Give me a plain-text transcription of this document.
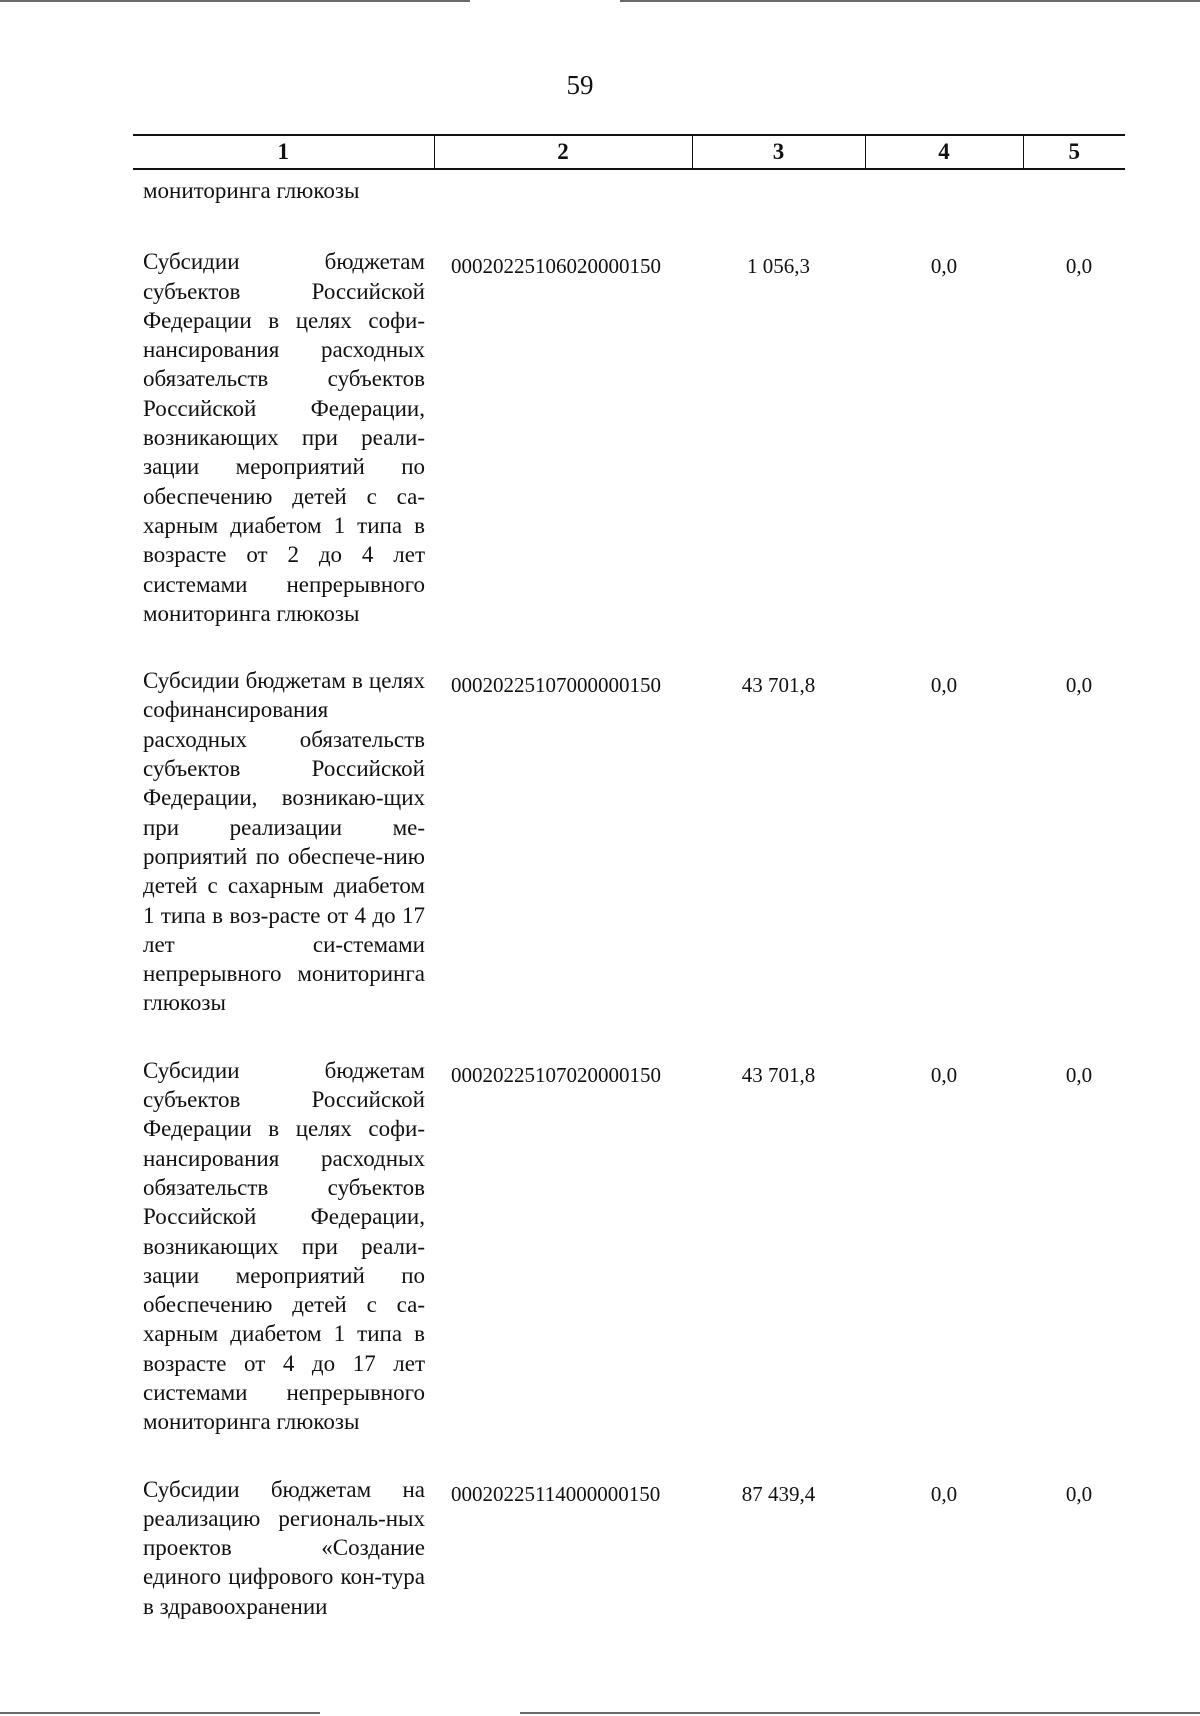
59
1	2	3	4	5

мониторинга глюкозы				

Субсидии бюджетам субъектов Российской Федерации в целях софи-нансирования расходных обязательств субъектов Российской Федерации, возникающих при реали-зации мероприятий по обеспечению детей с са-харным диабетом 1 типа в возрасте от 2 до 4 лет системами непрерывного мониторинга глюкозы	00020225106020000150	1 056,3	0,0	0,0

Субсидии бюджетам в целях софинансирования расходных обязательств субъектов Российской Федерации, возникаю-щих при реализации ме-роприятий по обеспече-нию детей с сахарным диабетом 1 типа в воз-расте от 4 до 17 лет си-стемами непрерывного мониторинга глюкозы	00020225107000000150	43 701,8	0,0	0,0

Субсидии бюджетам субъектов Российской Федерации в целях софи-нансирования расходных обязательств субъектов Российской Федерации, возникающих при реали-зации мероприятий по обеспечению детей с са-харным диабетом 1 типа в возрасте от 4 до 17 лет системами непрерывного мониторинга глюкозы	00020225107020000150	43 701,8	0,0	0,0

Субсидии бюджетам на реализацию региональ-ных проектов «Создание единого цифрового кон-тура в здравоохранении	00020225114000000150	87 439,4	0,0	0,0
